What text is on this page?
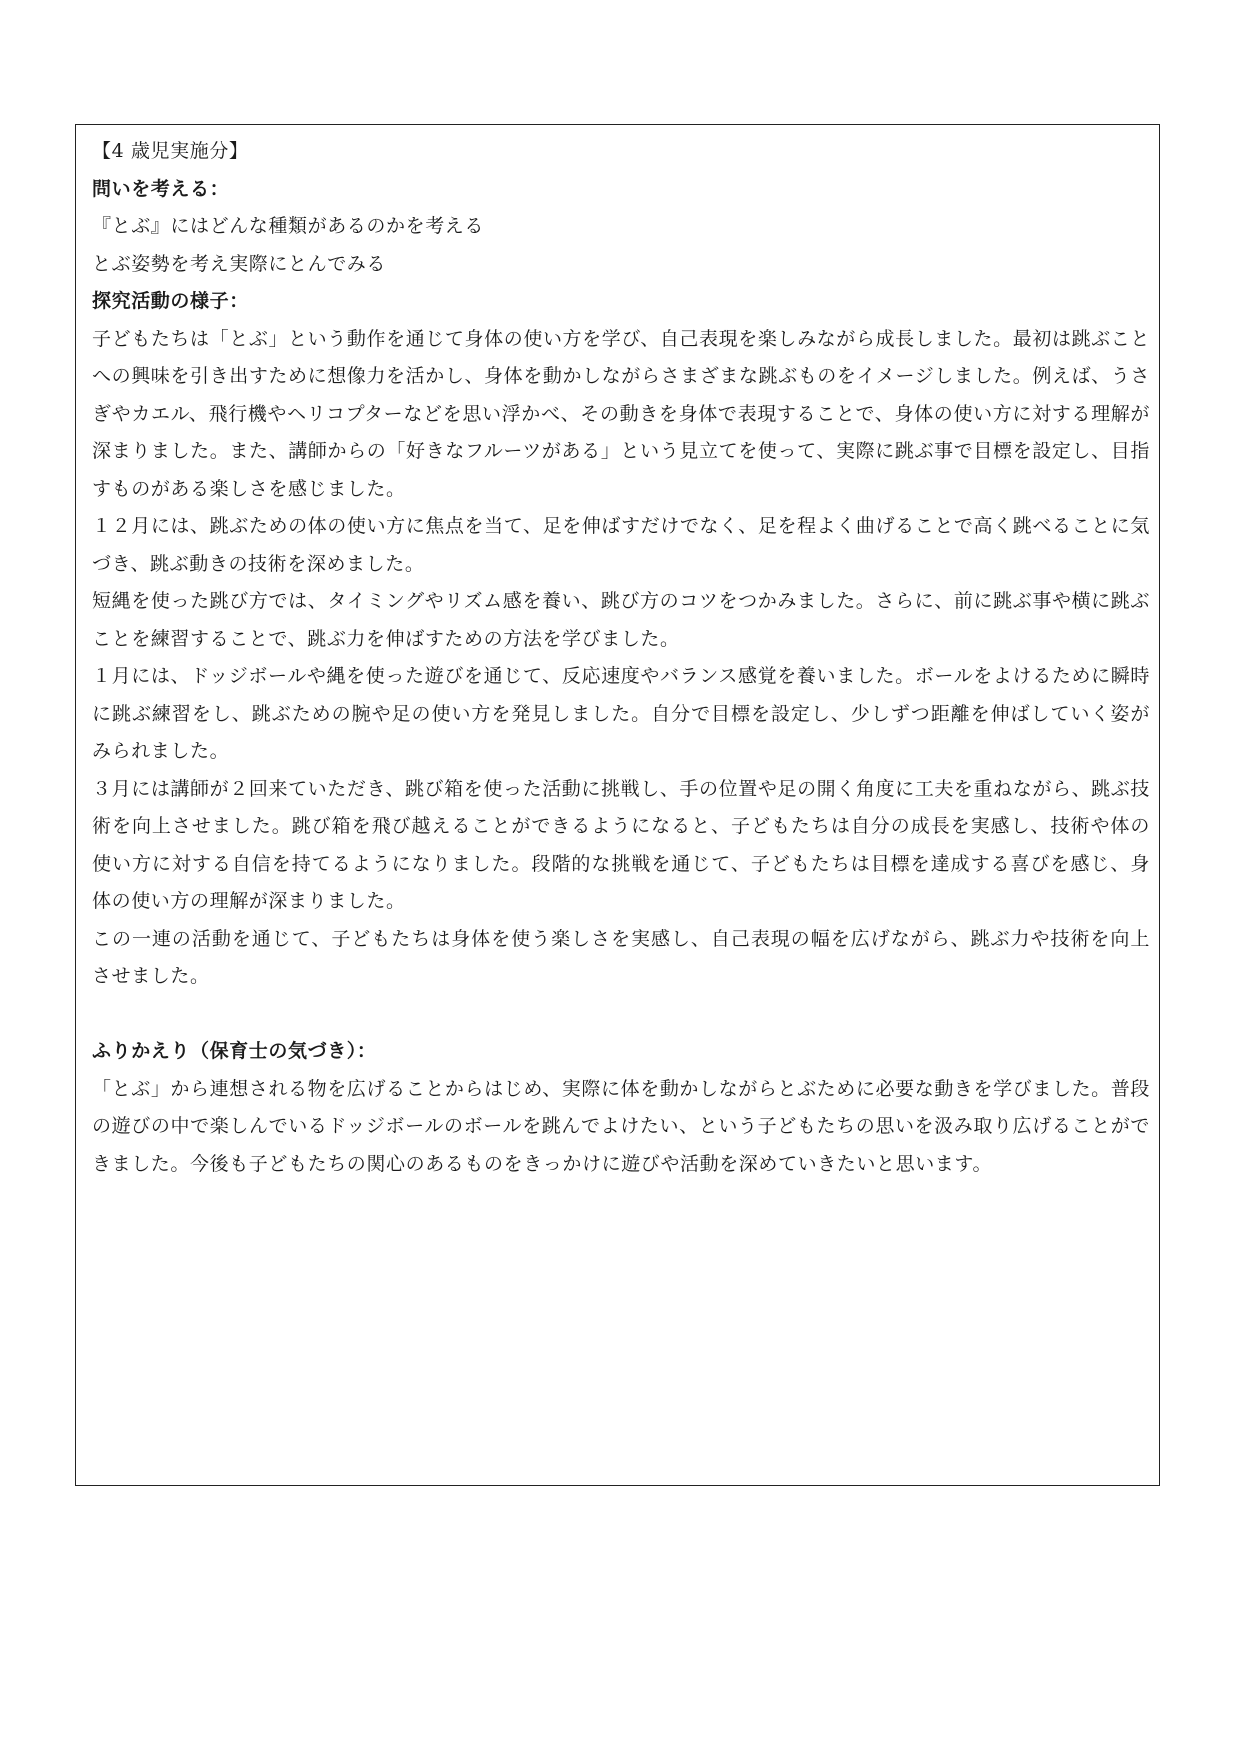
【4 歳児実施分】
問いを考える：
『とぶ』にはどんな種類があるのかを考える
とぶ姿勢を考え実際にとんでみる
探究活動の様子：
子どもたちは「とぶ」という動作を通じて身体の使い方を学び、自己表現を楽しみながら成長しました。最初は跳ぶことへの興味を引き出すために想像力を活かし、身体を動かしながらさまざまな跳ぶものをイメージしました。例えば、うさぎやカエル、飛行機やヘリコプターなどを思い浮かべ、その動きを身体で表現することで、身体の使い方に対する理解が深まりました。また、講師からの「好きなフルーツがある」という見立てを使って、実際に跳ぶ事で目標を設定し、目指すものがある楽しさを感じました。
１２月には、跳ぶための体の使い方に焦点を当て、足を伸ばすだけでなく、足を程よく曲げることで高く跳べることに気づき、跳ぶ動きの技術を深めました。
短縄を使った跳び方では、タイミングやリズム感を養い、跳び方のコツをつかみました。さらに、前に跳ぶ事や横に跳ぶことを練習することで、跳ぶ力を伸ばすための方法を学びました。
１月には、ドッジボールや縄を使った遊びを通じて、反応速度やバランス感覚を養いました。ボールをよけるために瞬時に跳ぶ練習をし、跳ぶための腕や足の使い方を発見しました。自分で目標を設定し、少しずつ距離を伸ばしていく姿がみられました。
３月には講師が２回来ていただき、跳び箱を使った活動に挑戦し、手の位置や足の開く角度に工夫を重ねながら、跳ぶ技術を向上させました。跳び箱を飛び越えることができるようになると、子どもたちは自分の成長を実感し、技術や体の使い方に対する自信を持てるようになりました。段階的な挑戦を通じて、子どもたちは目標を達成する喜びを感じ、身体の使い方の理解が深まりました。
この一連の活動を通じて、子どもたちは身体を使う楽しさを実感し、自己表現の幅を広げながら、跳ぶ力や技術を向上させました。
ふりかえり（保育士の気づき）：
「とぶ」から連想される物を広げることからはじめ、実際に体を動かしながらとぶために必要な動きを学びました。普段の遊びの中で楽しんでいるドッジボールのボールを跳んでよけたい、という子どもたちの思いを汲み取り広げることができました。今後も子どもたちの関心のあるものをきっかけに遊びや活動を深めていきたいと思います。
